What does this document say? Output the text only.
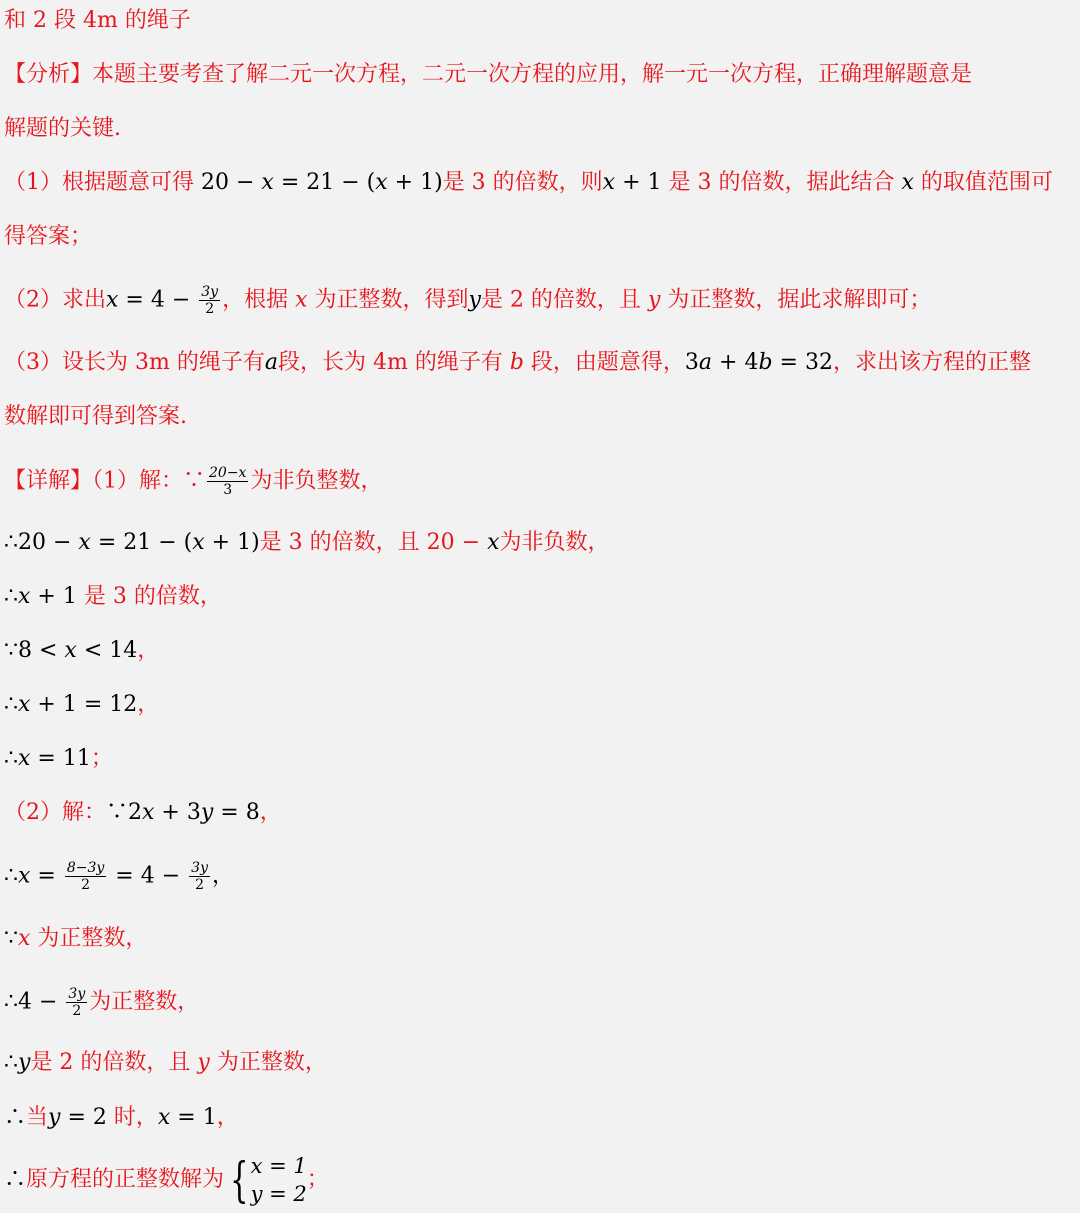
和 2 段 4m 的绳子
【分析】本题主要考查了解二元一次方程，二元一次方程的应用，解一元一次方程，正确理解题意是
解题的关键.
（1）根据题意可得 20 − x = 21 − (x + 1)是 3 的倍数，则x + 1 是 3 的倍数，据此结合 x 的取值范围可
得答案；
（2）求出$x = 4 - \frac{3y}{2}$ ，根据 x 为正整数，得到y是 2 的倍数，且 y 为正整数，据此求解即可；
（3）设长为 3m 的绳子有a段，长为 4m 的绳子有 b 段，由题意得，3a + 4b = 32，求出该方程的正整
数解即可得到答案.
【详解】（1）解：∵ $\frac{20-x}{3}$ 为非负整数，
∴20 − x = 21 − (x + 1)是 3 的倍数，且 20 − x为非负数，
∴x + 1 是 3 的倍数，
∵8 < x < 14，
∴x + 1 = 12，
∴x = 11；
（2）解：∵2x + 3y = 8，
∴x = $\frac{8-3y}{2} = 4 - \frac{3y}{2}$ ，
∵x 为正整数，
∴4 − $\frac{3y}{2}$ 为正整数，
∴y是 2 的倍数，且 y 为正整数，
∴当y = 2 时，x = 1，
∴原方程的正整数解为 { x = 1
y = 2
；
